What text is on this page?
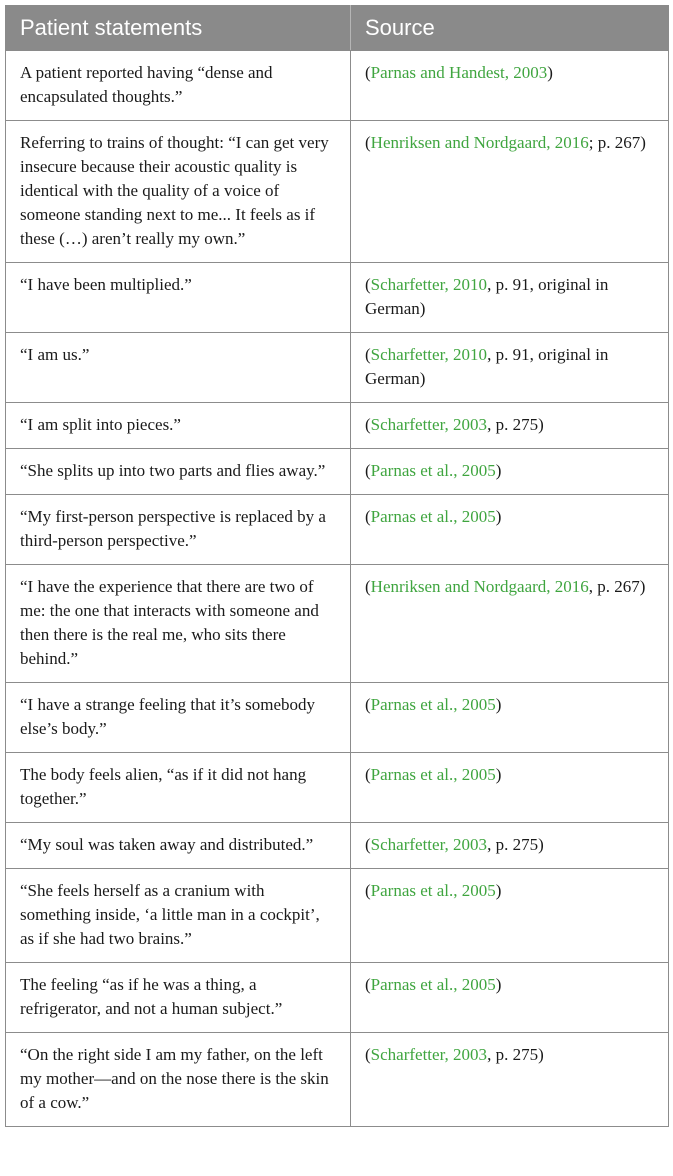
Patient statements	Source
A patient reported having “dense and encapsulated thoughts.”	(Parnas and Handest, 2003)
Referring to trains of thought: “I can get very insecure because their acoustic quality is identical with the quality of a voice of someone standing next to me... It feels as if these (…) aren’t really my own.”	(Henriksen and Nordgaard, 2016; p. 267)
“I have been multiplied.”	(Scharfetter, 2010, p. 91, original in German)
“I am us.”	(Scharfetter, 2010, p. 91, original in German)
“I am split into pieces.”	(Scharfetter, 2003, p. 275)
“She splits up into two parts and flies away.”	(Parnas et al., 2005)
“My first-person perspective is replaced by a third-person perspective.”	(Parnas et al., 2005)
“I have the experience that there are two of me: the one that interacts with someone and then there is the real me, who sits there behind.”	(Henriksen and Nordgaard, 2016, p. 267)
“I have a strange feeling that it’s somebody else’s body.”	(Parnas et al., 2005)
The body feels alien, “as if it did not hang together.”	(Parnas et al., 2005)
“My soul was taken away and distributed.”	(Scharfetter, 2003, p. 275)
“She feels herself as a cranium with something inside, ‘a little man in a cockpit’, as if she had two brains.”	(Parnas et al., 2005)
The feeling “as if he was a thing, a refrigerator, and not a human subject.”	(Parnas et al., 2005)
“On the right side I am my father, on the left my mother—and on the nose there is the skin of a cow.”	(Scharfetter, 2003, p. 275)
